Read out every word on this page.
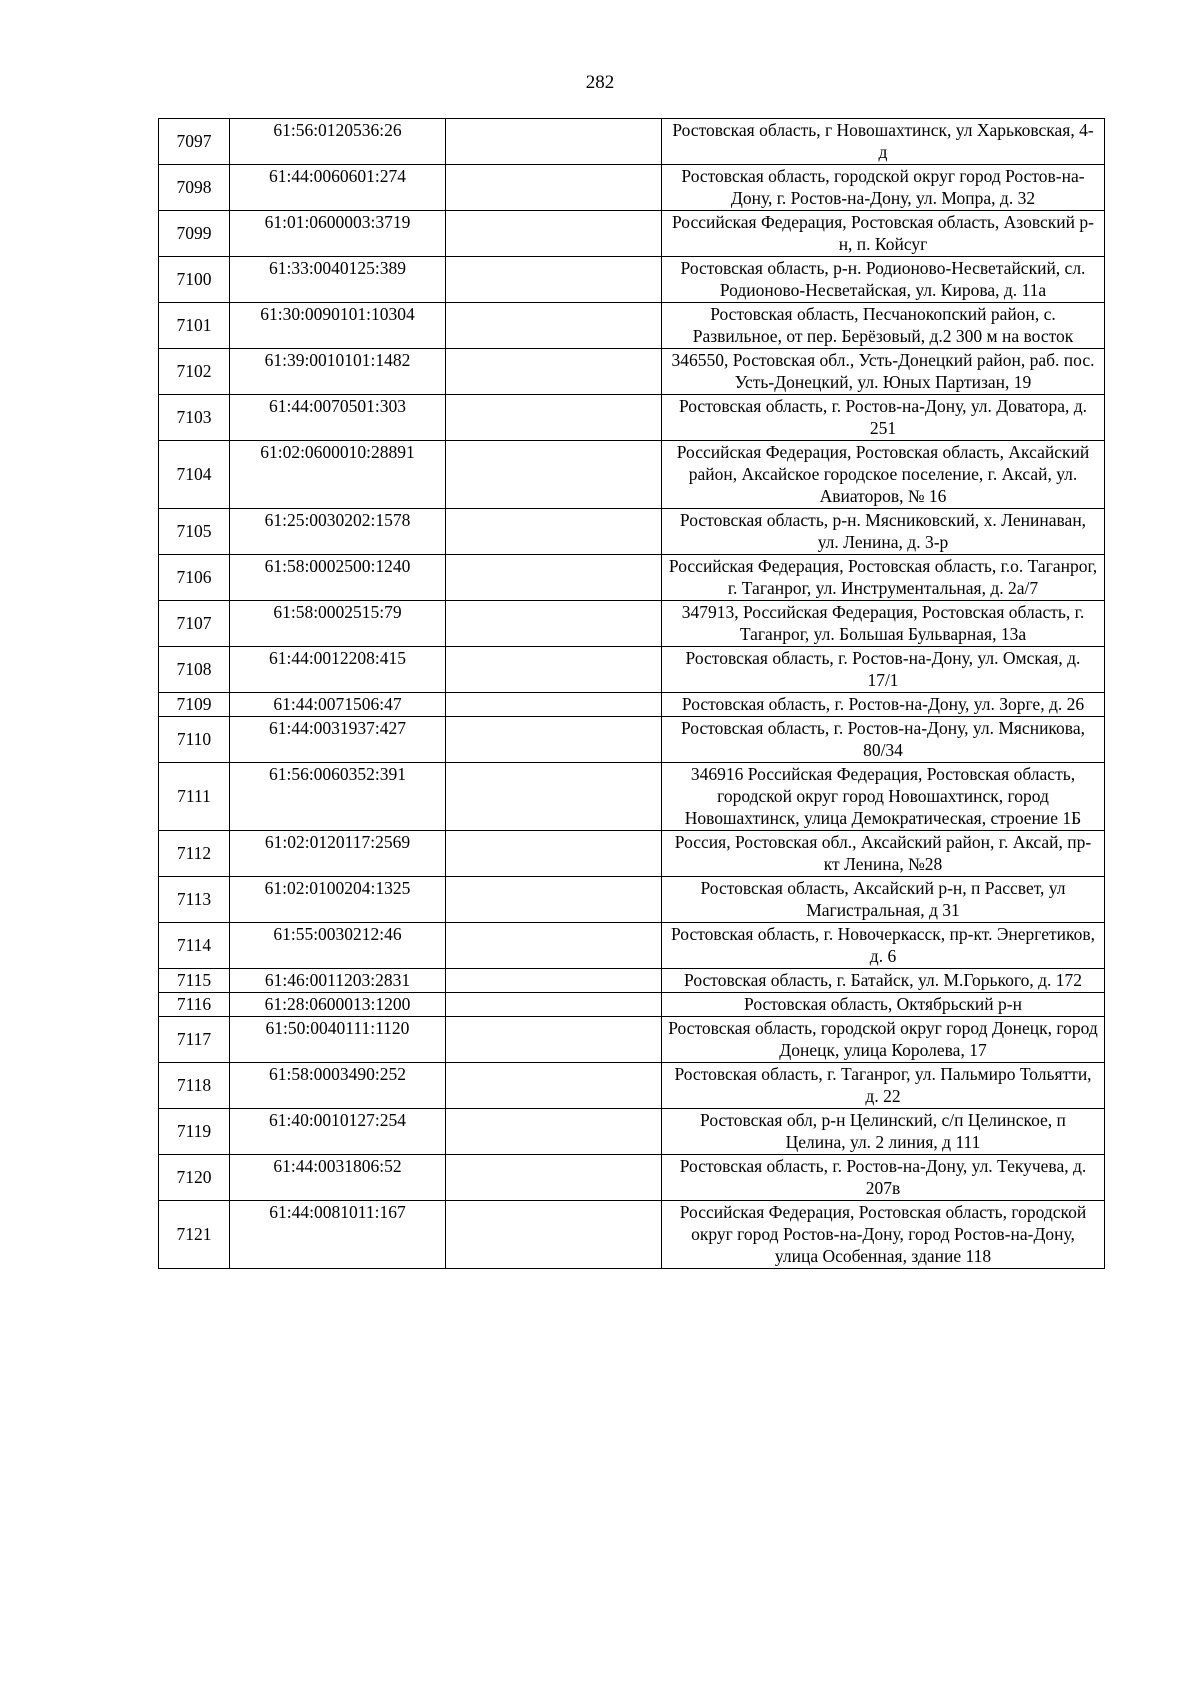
282
7097	61:56:0120536:26		Ростовская область, г Новошахтинск, ул Харьковская, 4-д
7098	61:44:0060601:274		Ростовская область, городской округ город Ростов-на-Дону, г. Ростов-на-Дону, ул. Мопра, д. 32
7099	61:01:0600003:3719		Российская Федерация, Ростовская область, Азовский р-н, п. Койсуг
7100	61:33:0040125:389		Ростовская область, р-н. Родионово-Несветайский, сл. Родионово-Несветайская, ул. Кирова, д. 11а
7101	61:30:0090101:10304		Ростовская область, Песчанокопский район, с. Развильное, от пер. Берёзовый, д.2 300 м на восток
7102	61:39:0010101:1482		346550, Ростовская обл., Усть-Донецкий район, раб. пос. Усть-Донецкий, ул. Юных Партизан, 19
7103	61:44:0070501:303		Ростовская область, г. Ростов-на-Дону, ул. Доватора, д. 251
7104	61:02:0600010:28891		Российская Федерация, Ростовская область, Аксайский район, Аксайское городское поселение, г. Аксай, ул. Авиаторов, № 16
7105	61:25:0030202:1578		Ростовская область, р-н. Мясниковский, х. Ленинаван, ул. Ленина, д. 3-р
7106	61:58:0002500:1240		Российская Федерация, Ростовская область, г.о. Таганрог, г. Таганрог, ул. Инструментальная, д. 2а/7
7107	61:58:0002515:79		347913, Российская Федерация, Ростовская область, г. Таганрог, ул. Большая Бульварная, 13а
7108	61:44:0012208:415		Ростовская область, г. Ростов-на-Дону, ул. Омская, д. 17/1
7109	61:44:0071506:47		Ростовская область, г. Ростов-на-Дону, ул. Зорге, д. 26
7110	61:44:0031937:427		Ростовская область, г. Ростов-на-Дону, ул. Мясникова, 80/34
7111	61:56:0060352:391		346916 Российская Федерация, Ростовская область, городской округ город Новошахтинск, город Новошахтинск, улица Демократическая, строение 1Б
7112	61:02:0120117:2569		Россия, Ростовская обл., Аксайский район, г. Аксай, пр-кт Ленина, №28
7113	61:02:0100204:1325		Ростовская область, Аксайский р-н, п Рассвет, ул Магистральная, д 31
7114	61:55:0030212:46		Ростовская область, г. Новочеркасск, пр-кт. Энергетиков, д. 6
7115	61:46:0011203:2831		Ростовская область, г. Батайск, ул. М.Горького, д. 172
7116	61:28:0600013:1200		Ростовская область, Октябрьский р-н
7117	61:50:0040111:1120		Ростовская область, городской округ город Донецк, город Донецк, улица Королева, 17
7118	61:58:0003490:252		Ростовская область, г. Таганрог, ул. Пальмиро Тольятти, д. 22
7119	61:40:0010127:254		Ростовская обл, р-н Целинский, с/п Целинское, п Целина, ул. 2 линия, д 111
7120	61:44:0031806:52		Ростовская область, г. Ростов-на-Дону, ул. Текучева, д. 207в
7121	61:44:0081011:167		Российская Федерация, Ростовская область, городской округ город Ростов-на-Дону, город Ростов-на-Дону, улица Особенная, здание 118
